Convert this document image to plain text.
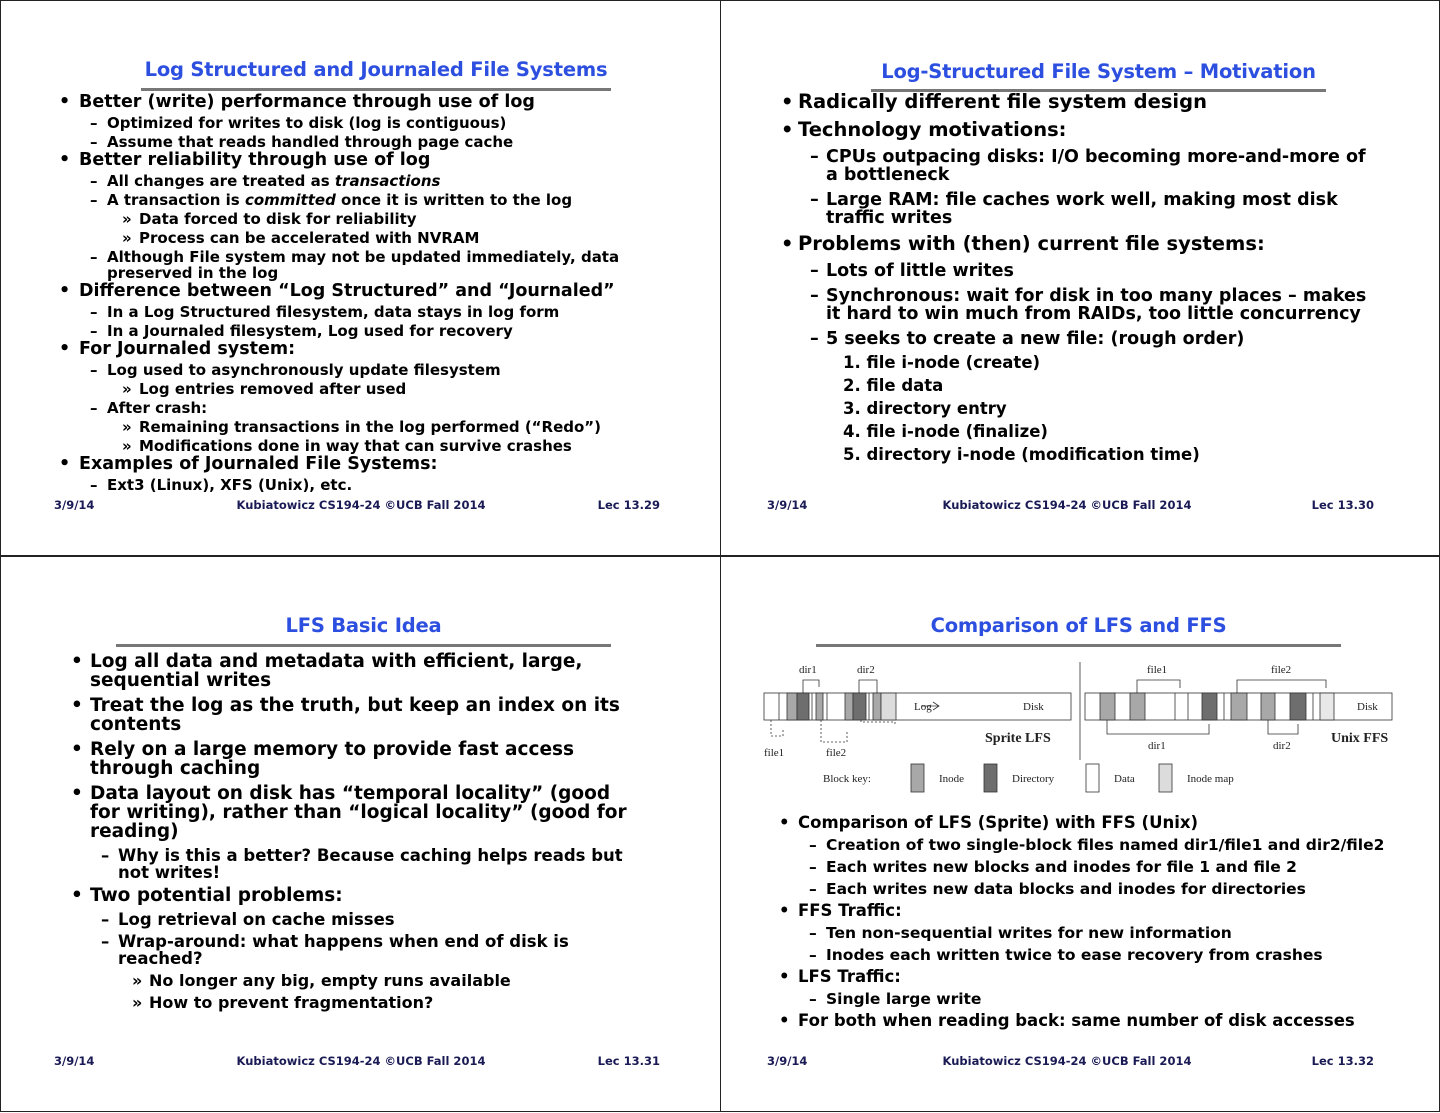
Log Structured and Journaled File Systems
• Better (write) performance through use of log
– Optimized for writes to disk (log is contiguous)
– Assume that reads handled through page cache
• Better reliability through use of log
– All changes are treated as transactions
– A transaction is committed once it is written to the log
» Data forced to disk for reliability
» Process can be accelerated with NVRAM
– Although File system may not be updated immediately, data preserved in the log
• Difference between “Log Structured” and “Journaled”
– In a Log Structured filesystem, data stays in log form
– In a Journaled filesystem, Log used for recovery
• For Journaled system:
– Log used to asynchronously update filesystem
» Log entries removed after used
– After crash:
» Remaining transactions in the log performed (“Redo”)
» Modifications done in way that can survive crashes
• Examples of Journaled File Systems:
– Ext3 (Linux), XFS (Unix), etc.
3/9/14	Kubiatowicz CS194-24 ©UCB Fall 2014	Lec 13.29
Log-Structured File System – Motivation
• Radically different file system design
• Technology motivations:
– CPUs outpacing disks: I/O becoming more-and-more of a bottleneck
– Large RAM: file caches work well, making most disk traffic writes
• Problems with (then) current file systems:
– Lots of little writes
– Synchronous: wait for disk in too many places – makes it hard to win much from RAIDs, too little concurrency
– 5 seeks to create a new file: (rough order)
1. file i-node (create)
2. file data
3. directory entry
4. file i-node (finalize)
5. directory i-node (modification time)
3/9/14	Kubiatowicz CS194-24 ©UCB Fall 2014	Lec 13.30
LFS Basic Idea
• Log all data and metadata with efficient, large, sequential writes
• Treat the log as the truth, but keep an index on its contents
• Rely on a large memory to provide fast access through caching
• Data layout on disk has “temporal locality” (good for writing), rather than “logical locality” (good for reading)
– Why is this a better? Because caching helps reads but not writes!
• Two potential problems:
– Log retrieval on cache misses
– Wrap-around: what happens when end of disk is reached?
» No longer any big, empty runs available
» How to prevent fragmentation?
3/9/14	Kubiatowicz CS194-24 ©UCB Fall 2014	Lec 13.31
Comparison of LFS and FFS
dir1	dir2
file1	file2
Log	Disk
Sprite LFS
file1	file2
dir1	dir2
Disk
Unix FFS
Block key:	Inode	Directory	Data	Inode map
• Comparison of LFS (Sprite) with FFS (Unix)
– Creation of two single-block files named dir1/file1 and dir2/file2
– Each writes new blocks and inodes for file 1 and file 2
– Each writes new data blocks and inodes for directories
• FFS Traffic:
– Ten non-sequential writes for new information
– Inodes each written twice to ease recovery from crashes
• LFS Traffic:
– Single large write
• For both when reading back: same number of disk accesses
3/9/14	Kubiatowicz CS194-24 ©UCB Fall 2014	Lec 13.32
